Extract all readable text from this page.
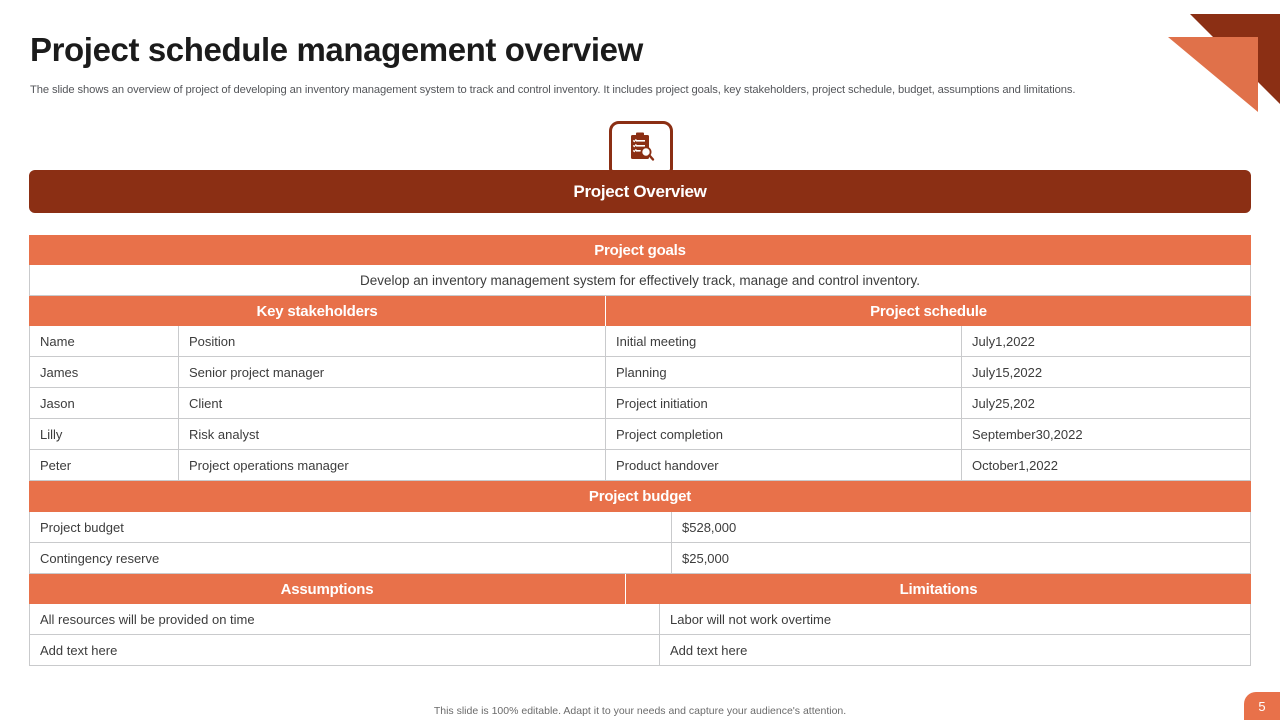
Project schedule management overview
The slide shows an overview of project of developing an inventory management system to track and control inventory. It includes project goals, key stakeholders, project schedule, budget, assumptions and limitations.
Project Overview
Project goals
Develop an inventory management system for effectively track, manage and control inventory.
Key stakeholders	Project schedule
Name	Position	Initial meeting	July1,2022
James	Senior project manager	Planning	July15,2022
Jason	Client	Project initiation	July25,202
Lilly	Risk analyst	Project completion	September30,2022
Peter	Project operations manager	Product handover	October1,2022
Project budget
Project budget	$528,000
Contingency reserve	$25,000
Assumptions	Limitations
All resources will be provided on time	Labor will not work overtime
Add text here	Add text here
This slide is 100% editable. Adapt it to your needs and capture your audience's attention.	5
